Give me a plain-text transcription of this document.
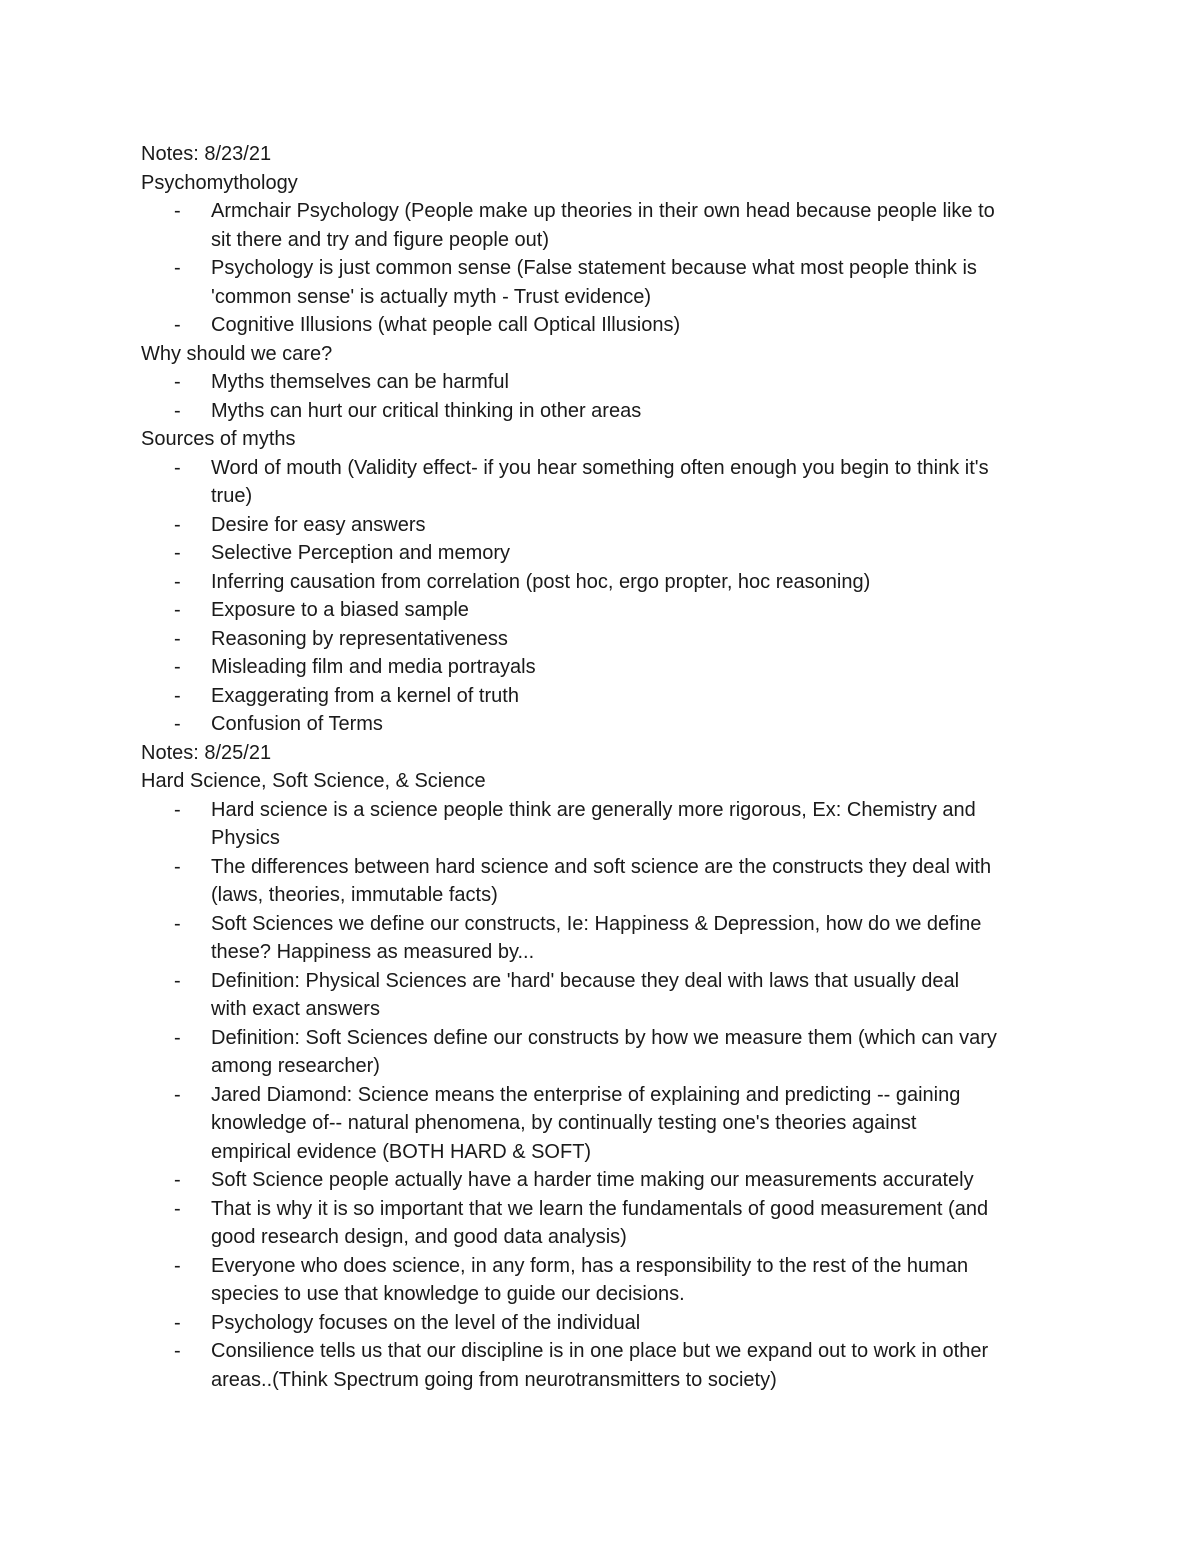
Notes: 8/23/21

Psychomythology

- Armchair Psychology (People make up theories in their own head because people like to
sit there and try and figure people out)
- Psychology is just common sense (False statement because what most people think is
'common sense' is actually myth - Trust evidence)
- Cognitive Illusions (what people call Optical Illusions)

Why should we care?

- Myths themselves can be harmful
- Myths can hurt our critical thinking in other areas

Sources of myths

- Word of mouth (Validity effect- if you hear something often enough you begin to think it's
true)
- Desire for easy answers
- Selective Perception and memory
- Inferring causation from correlation (post hoc, ergo propter, hoc reasoning)
- Exposure to a biased sample
- Reasoning by representativeness
- Misleading film and media portrayals
- Exaggerating from a kernel of truth
- Confusion of Terms

Notes: 8/25/21

Hard Science, Soft Science, & Science

- Hard science is a science people think are generally more rigorous, Ex: Chemistry and
Physics
- The differences between hard science and soft science are the constructs they deal with
(laws, theories, immutable facts)
- Soft Sciences we define our constructs, Ie: Happiness & Depression, how do we define
these? Happiness as measured by...
- Definition: Physical Sciences are 'hard' because they deal with laws that usually deal
with exact answers
- Definition: Soft Sciences define our constructs by how we measure them (which can vary
among researcher)
- Jared Diamond: Science means the enterprise of explaining and predicting -- gaining
knowledge of-- natural phenomena, by continually testing one's theories against
empirical evidence (BOTH HARD & SOFT)
- Soft Science people actually have a harder time making our measurements accurately
- That is why it is so important that we learn the fundamentals of good measurement (and
good research design, and good data analysis)
- Everyone who does science, in any form, has a responsibility to the rest of the human
species to use that knowledge to guide our decisions.
- Psychology focuses on the level of the individual
- Consilience tells us that our discipline is in one place but we expand out to work in other
areas..(Think Spectrum going from neurotransmitters to society)
